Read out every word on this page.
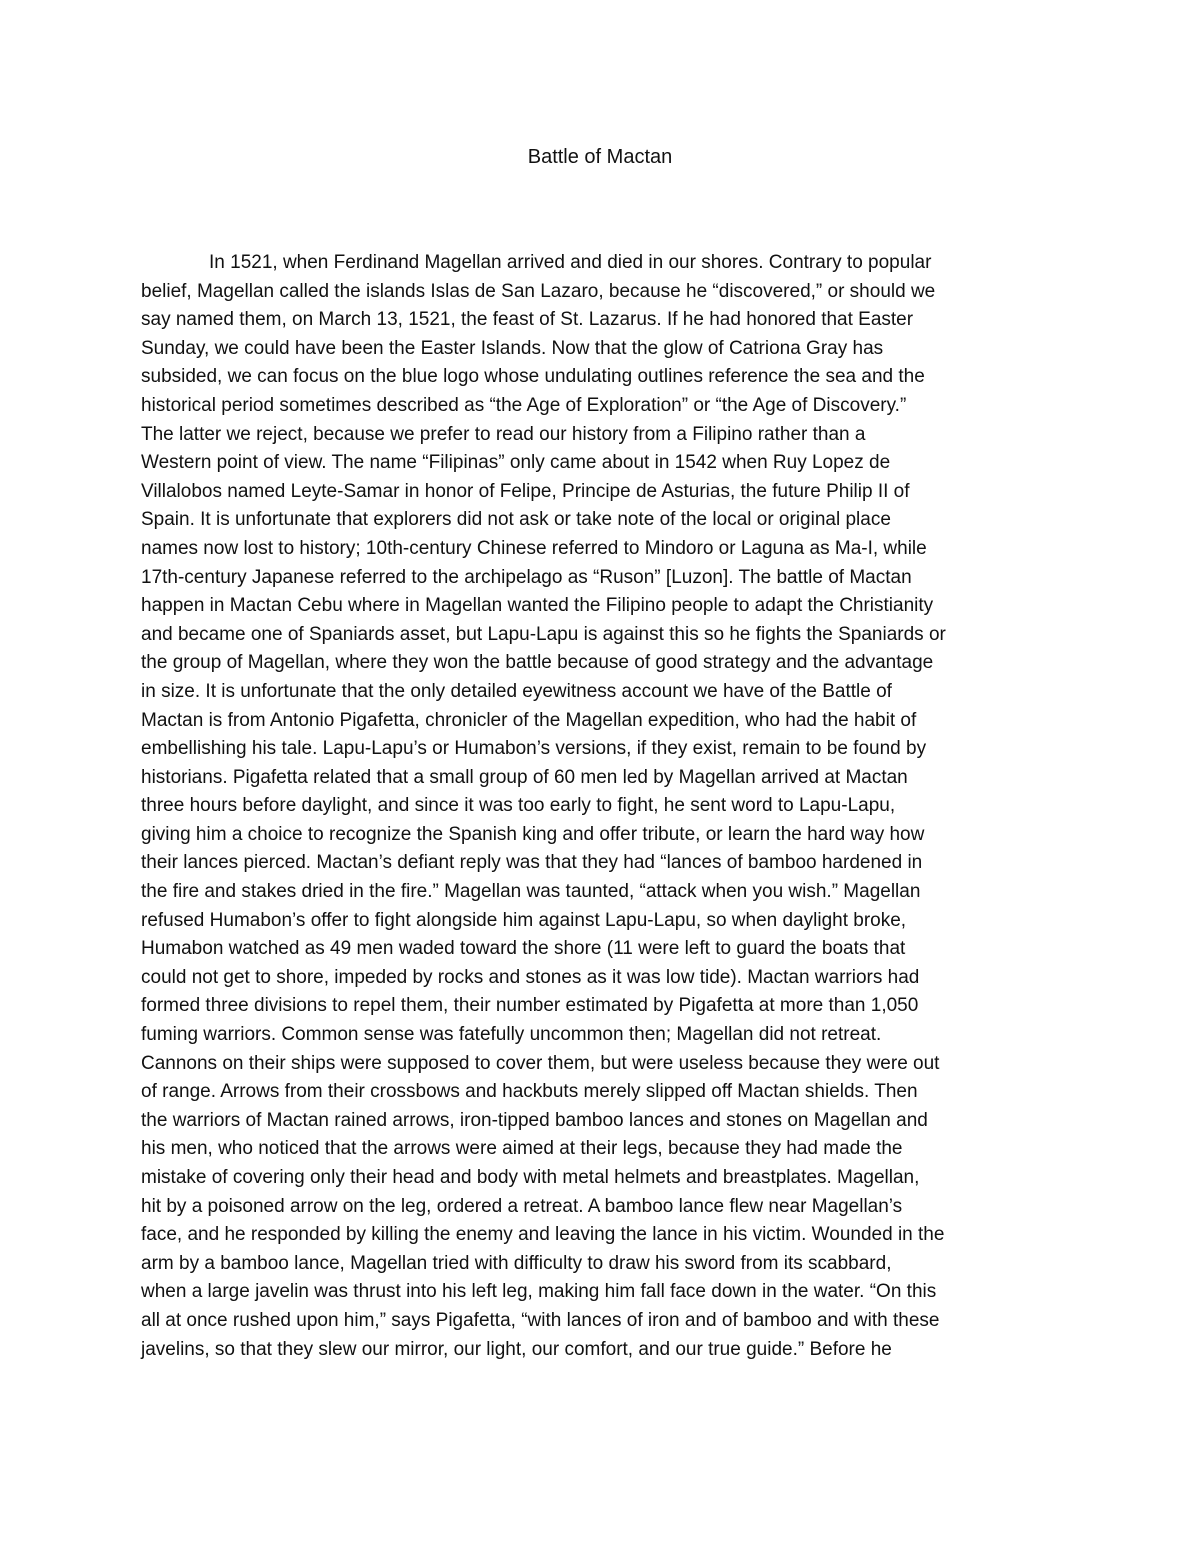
Battle of Mactan
In 1521, when Ferdinand Magellan arrived and died in our shores. Contrary to popular
belief, Magellan called the islands Islas de San Lazaro, because he “discovered,” or should we
say named them, on March 13, 1521, the feast of St. Lazarus. If he had honored that Easter
Sunday, we could have been the Easter Islands. Now that the glow of Catriona Gray has
subsided, we can focus on the blue logo whose undulating outlines reference the sea and the
historical period sometimes described as “the Age of Exploration” or “the Age of Discovery.”
The latter we reject, because we prefer to read our history from a Filipino rather than a
Western point of view. The name “Filipinas” only came about in 1542 when Ruy Lopez de
Villalobos named Leyte-Samar in honor of Felipe, Principe de Asturias, the future Philip II of
Spain. It is unfortunate that explorers did not ask or take note of the local or original place
names now lost to history; 10th-century Chinese referred to Mindoro or Laguna as Ma-I, while
17th-century Japanese referred to the archipelago as “Ruson” [Luzon]. The battle of Mactan
happen in Mactan Cebu where in Magellan wanted the Filipino people to adapt the Christianity
and became one of Spaniards asset, but Lapu-Lapu is against this so he fights the Spaniards or
the group of Magellan, where they won the battle because of good strategy and the advantage
in size. It is unfortunate that the only detailed eyewitness account we have of the Battle of
Mactan is from Antonio Pigafetta, chronicler of the Magellan expedition, who had the habit of
embellishing his tale. Lapu-Lapu’s or Humabon’s versions, if they exist, remain to be found by
historians. Pigafetta related that a small group of 60 men led by Magellan arrived at Mactan
three hours before daylight, and since it was too early to fight, he sent word to Lapu-Lapu,
giving him a choice to recognize the Spanish king and offer tribute, or learn the hard way how
their lances pierced. Mactan’s defiant reply was that they had “lances of bamboo hardened in
the fire and stakes dried in the fire.” Magellan was taunted, “attack when you wish.” Magellan
refused Humabon’s offer to fight alongside him against Lapu-Lapu, so when daylight broke,
Humabon watched as 49 men waded toward the shore (11 were left to guard the boats that
could not get to shore, impeded by rocks and stones as it was low tide). Mactan warriors had
formed three divisions to repel them, their number estimated by Pigafetta at more than 1,050
fuming warriors. Common sense was fatefully uncommon then; Magellan did not retreat.
Cannons on their ships were supposed to cover them, but were useless because they were out
of range. Arrows from their crossbows and hackbuts merely slipped off Mactan shields. Then
the warriors of Mactan rained arrows, iron-tipped bamboo lances and stones on Magellan and
his men, who noticed that the arrows were aimed at their legs, because they had made the
mistake of covering only their head and body with metal helmets and breastplates. Magellan,
hit by a poisoned arrow on the leg, ordered a retreat. A bamboo lance flew near Magellan’s
face, and he responded by killing the enemy and leaving the lance in his victim. Wounded in the
arm by a bamboo lance, Magellan tried with difficulty to draw his sword from its scabbard,
when a large javelin was thrust into his left leg, making him fall face down in the water. “On this
all at once rushed upon him,” says Pigafetta, “with lances of iron and of bamboo and with these
javelins, so that they slew our mirror, our light, our comfort, and our true guide.” Before he
